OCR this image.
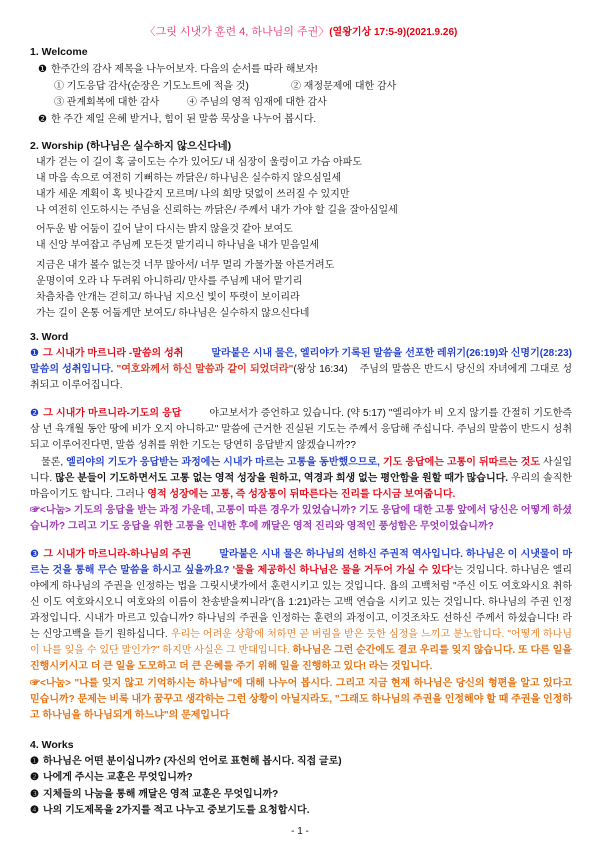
〈그릿 시냇가 훈련 4, 하나님의 주권〉(열왕기상 17:5-9)(2021.9.26)
1. Welcome
❶ 한주간의 감사 제목을 나누어보자. 다음의 순서를 따라 해보자!
① 기도응답 감사(순장은 기도노트에 적을 것)	② 재정문제에 대한 감사
③ 관계회복에 대한 감사	④ 주님의 영적 임재에 대한 감사
❷ 한 주간 제일 은혜 받거나, 힘이 된 말씀 묵상을 나누어 봅시다.
2. Worship (하나님은 실수하지 않으신다네)
내가 걷는 이 길이 혹 굽이도는 수가 있어도/ 내 심장이 울렁이고 가슴 아파도
내 마음 속으로 여전히 기뻐하는 까닭은/ 하나님은 실수하지 않으심일세
내가 세운 계획이 혹 빗나갈지 모르며/ 나의 희망 덧없이 쓰러질 수 있지만
나 여전히 인도하시는 주님을 신뢰하는 까닭은/ 주께서 내가 가야 할 길을 잘아심일세
어두운 밤 어둠이 깊어 날이 다시는 밝지 않을것 같아 보여도
내 신앙 부여잡고 주님께 모든것 맡기리니 하나님을 내가 믿음일세
지금은 내가 볼수 없는것 너무 많아서/ 너무 멀리 가물가물 아른거려도
운명이여 오라 나 두려워 아니하리/ 만사를 주님께 내어 맡기리
차츰차츰 안개는 걷히고/ 하나님 지으신 빛이 뚜렷이 보이리라
가는 길이 온통 어둡게만 보여도/ 하나님은 실수하지 않으신다네
3. Word

❶ 그 시내가 마르니라 -말씀의 성취	말라붙은 시내 물은, 엘리야가 기록된 말씀을 선포한 레위기(26:19)와 신명기(28:23) 말씀의 성취입니다. "여호와께서 하신 말씀과 같이 되었더라"(왕상 16:34) 주님의 말씀은 반드시 당신의 자녀에게 그대로 성취되고 이루어집니다.

❷ 그 시내가 마르니라-기도의 응답	야고보서가 증언하고 있습니다. (약 5:17) "엘리야가 비 오지 않기를 간절히 기도한즉 삼 년 육개월 동안 땅에 비가 오지 아니하고" 말씀에 근거한 진실된 기도는 주께서 응답해 주십니다. 주님의 말씀이 반드시 성취되고 이루어진다면, 말씀 성취를 위한 기도는 당연히 응답받지 않겠습니까??

물론, 엘리야의 기도가 응답받는 과정에는 시내가 마르는 고통을 동반했으므로, 기도 응답에는 고통이 뒤따르는 것도 사실입니다. 많은 분들이 기도하면서도 고통 없는 영적 성장을 원하고, 역경과 희생 없는 평안함을 원할 때가 많습니다. 우리의 솔직한 마음이기도 합니다. 그러나 영적 성장에는 고통, 즉 성장통이 뒤따른다는 진리를 다시금 보여줍니다.

☞<나눔> 기도의 응답을 받는 과정 가운데, 고통이 따른 경우가 있었습니까? 기도 응답에 대한 고통 앞에서 당신은 어떻게 하셨습니까? 그리고 기도 응답을 위한 고통을 인내한 후에 깨달은 영적 진리와 영적인 풍성함은 무엇이었습니까?

❸ 그 시내가 마르니라-하나님의 주권	말라붙은 시내 물은 하나님의 선하신 주권적 역사입니다. 하나님은 이 시냇물이 마르는 것을 통해 무슨 말씀을 하시고 싶을까요? '물을 제공하신 하나님은 물을 거두어 가실 수 있다'는 것입니다. 하나님은 엘리야에게 하나님의 주권을 인정하는 법을 그릿시냇가에서 훈련시키고 있는 것입니다. 욥의 고백처럼 "주신 이도 여호와시요 취하신 이도 여호와시오니 여호와의 이름이 찬송받을찌니라"(욥 1:21)라는 고백 연습을 시키고 있는 것입니다. 하나님의 주권 인정 과정입니다. 시내가 마르고 있습니까? 하나님의 주권을 인정하는 훈련의 과정이고, 이것조차도 선하신 주께서 하셨습니다! 라는 신앙고백을 듣기 원하십니다. 우리는 어려운 상황에 처하면 곧 버림을 받은 듯한 심정을 느끼고 분노합니다. "어떻게 하나님이 나를 잊을 수 있단 말인가?" 하지만 사실은 그 반대입니다. 하나님은 그런 순간에도 결코 우리를 잊지 않습니다. 또 다른 일을 진행시키시고 더 큰 일을 도모하고 더 큰 은혜를 주기 위해 일을 진행하고 있다! 라는 것입니다.

☞<나눔> "나를 잊지 않고 기억하시는 하나님"에 대해 나누어 봅시다. 그리고 지금 현재 하나님은 당신의 형편을 알고 있다고 믿습니까? 문제는 비록 내가 꿈꾸고 생각하는 그런 상황이 아닐지라도, "그래도 하나님의 주권을 인정해야 할 때 주권을 인정하고 하나님을 하나님되게 하느냐"의 문제입니다

4. Works
❶ 하나님은 어떤 분이십니까? (자신의 언어로 표현해 봅시다. 직접 글로)
❷ 나에게 주시는 교훈은 무엇입니까?
❸ 지체들의 나눔을 통해 깨달은 영적 교훈은 무엇입니까?
❹ 나의 기도제목을 2가지를 적고 나누고 중보기도를 요청합시다.
- 1 -
